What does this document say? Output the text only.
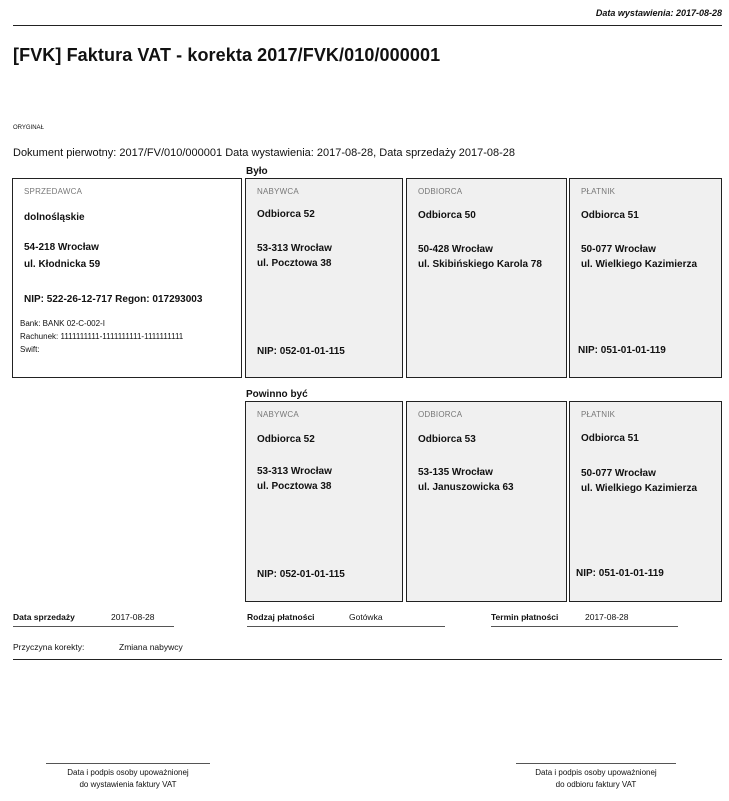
Data wystawienia: 2017-08-28
[FVK] Faktura VAT - korekta 2017/FVK/010/000001
ORYGINAŁ
Dokument pierwotny: 2017/FV/010/000001 Data wystawienia: 2017-08-28, Data sprzedaży 2017-08-28
Było
SPRZEDAWCA
dolnośląskie
54-218 Wrocław
ul. Kłodnicka 59
NIP: 522-26-12-717 Regon: 017293003
Bank: BANK 02-C-002-I
Rachunek: 1111111111-1111111111-1111111111
Swift:
NABYWCA
Odbiorca 52
53-313 Wrocław
ul. Pocztowa 38
NIP: 052-01-01-115
ODBIORCA
Odbiorca 50
50-428 Wrocław
ul. Skibińskiego Karola 78
PŁATNIK
Odbiorca 51
50-077 Wrocław
ul. Wielkiego Kazimierza
NIP: 051-01-01-119
Powinno być
NABYWCA
Odbiorca 52
53-313 Wrocław
ul. Pocztowa 38
NIP: 052-01-01-115
ODBIORCA
Odbiorca 53
53-135 Wrocław
ul. Januszowicka 63
PŁATNIK
Odbiorca 51
50-077 Wrocław
ul. Wielkiego Kazimierza
NIP: 051-01-01-119
Data sprzedaży	2017-08-28	Rodzaj płatności	Gotówka	Termin płatności	2017-08-28
Przyczyna korekty:	Zmiana nabywcy
Data i podpis osoby upoważnionej
do wystawienia faktury VAT
Data i podpis osoby upoważnionej
do odbioru faktury VAT
